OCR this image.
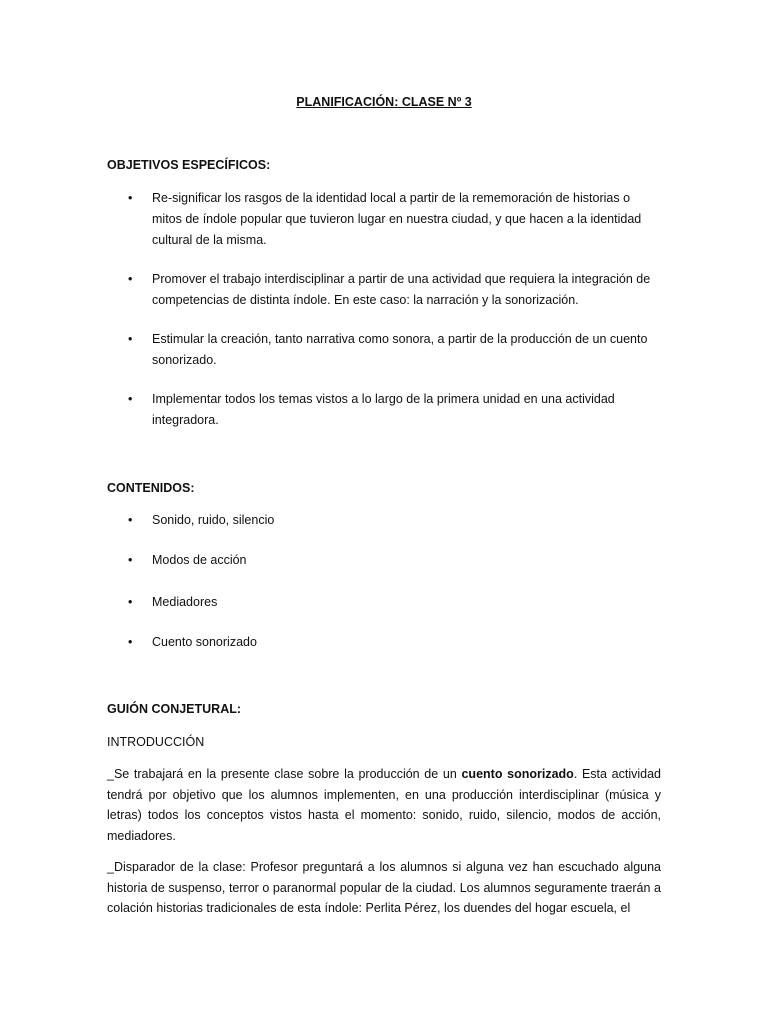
PLANIFICACIÓN: CLASE Nº 3
OBJETIVOS ESPECÍFICOS:
•	Re-significar los rasgos de la identidad local a partir de la rememoración de historias o mitos de índole popular que tuvieron lugar en nuestra ciudad, y que hacen a la identidad cultural de la misma.
•	Promover el trabajo interdisciplinar a partir de una actividad que requiera la integración de competencias de distinta índole. En este caso: la narración y la sonorización.
•	Estimular la creación, tanto narrativa como sonora, a partir de la producción de un cuento sonorizado.
•	Implementar todos los temas vistos a lo largo de la primera unidad en una actividad integradora.
CONTENIDOS:
•	Sonido, ruido, silencio
•	Modos de acción
•	Mediadores
•	Cuento sonorizado
GUIÓN CONJETURAL:
INTRODUCCIÓN
_Se trabajará en la presente clase sobre la producción de un cuento sonorizado. Esta actividad tendrá por objetivo que los alumnos implementen, en una producción interdisciplinar (música y letras) todos los conceptos vistos hasta el momento: sonido, ruido, silencio, modos de acción, mediadores.
_Disparador de la clase: Profesor preguntará a los alumnos si alguna vez han escuchado alguna historia de suspenso, terror o paranormal popular de la ciudad. Los alumnos seguramente traerán a colación historias tradicionales de esta índole: Perlita Pérez, los duendes del hogar escuela, el
